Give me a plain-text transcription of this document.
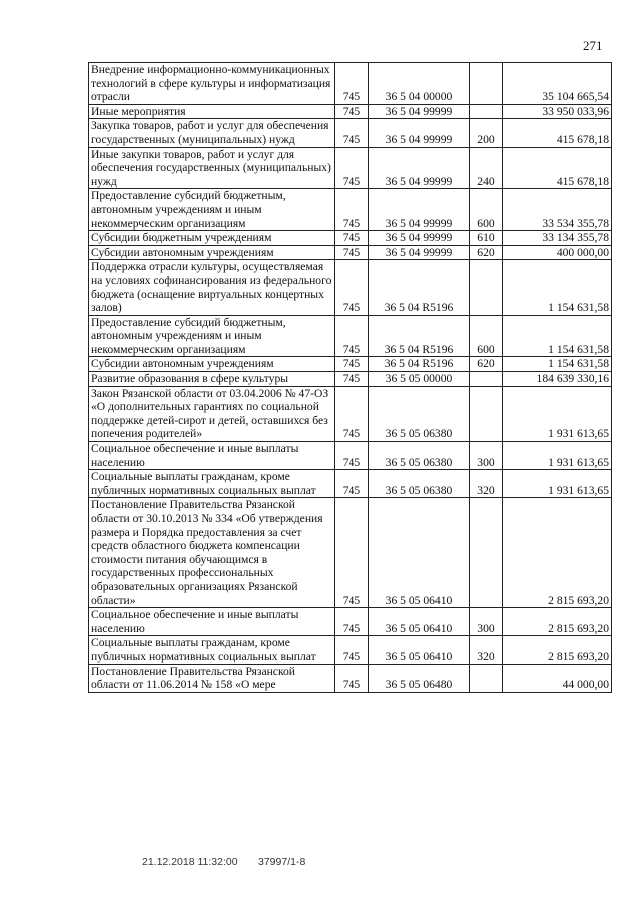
271
Внедрение информационно-коммуникационных технологий в сфере культуры и информатизация отрасли	745	36 5 04 00000		35 104 665,54
Иные мероприятия	745	36 5 04 99999		33 950 033,96
Закупка товаров, работ и услуг для обеспечения государственных (муниципальных) нужд	745	36 5 04 99999	200	415 678,18
Иные закупки товаров, работ и услуг для обеспечения государственных (муниципальных) нужд	745	36 5 04 99999	240	415 678,18
Предоставление субсидий бюджетным, автономным учреждениям и иным некоммерческим организациям	745	36 5 04 99999	600	33 534 355,78
Субсидии бюджетным учреждениям	745	36 5 04 99999	610	33 134 355,78
Субсидии автономным учреждениям	745	36 5 04 99999	620	400 000,00
Поддержка отрасли культуры, осуществляемая на условиях софинансирования из федерального бюджета (оснащение виртуальных концертных залов)	745	36 5 04 R5196		1 154 631,58
Предоставление субсидий бюджетным, автономным учреждениям и иным некоммерческим организациям	745	36 5 04 R5196	600	1 154 631,58
Субсидии автономным учреждениям	745	36 5 04 R5196	620	1 154 631,58
Развитие образования в сфере культуры	745	36 5 05 00000		184 639 330,16
Закон Рязанской области от 03.04.2006 № 47-ОЗ «О дополнительных гарантиях по социальной поддержке детей-сирот и детей, оставшихся без попечения родителей»	745	36 5 05 06380		1 931 613,65
Социальное обеспечение и иные выплаты населению	745	36 5 05 06380	300	1 931 613,65
Социальные выплаты гражданам, кроме публичных нормативных социальных выплат	745	36 5 05 06380	320	1 931 613,65
Постановление Правительства Рязанской области от 30.10.2013 № 334 «Об утверждения размера и Порядка предоставления за счет средств областного бюджета компенсации стоимости питания обучающимся в государственных профессиональных образовательных организациях Рязанской области»	745	36 5 05 06410		2 815 693,20
Социальное обеспечение и иные выплаты населению	745	36 5 05 06410	300	2 815 693,20
Социальные выплаты гражданам, кроме публичных нормативных социальных выплат	745	36 5 05 06410	320	2 815 693,20
Постановление Правительства Рязанской области от 11.06.2014 № 158 «О мере	745	36 5 05 06480		44 000,00
21.12.2018 11:32:00 37997/1-8
